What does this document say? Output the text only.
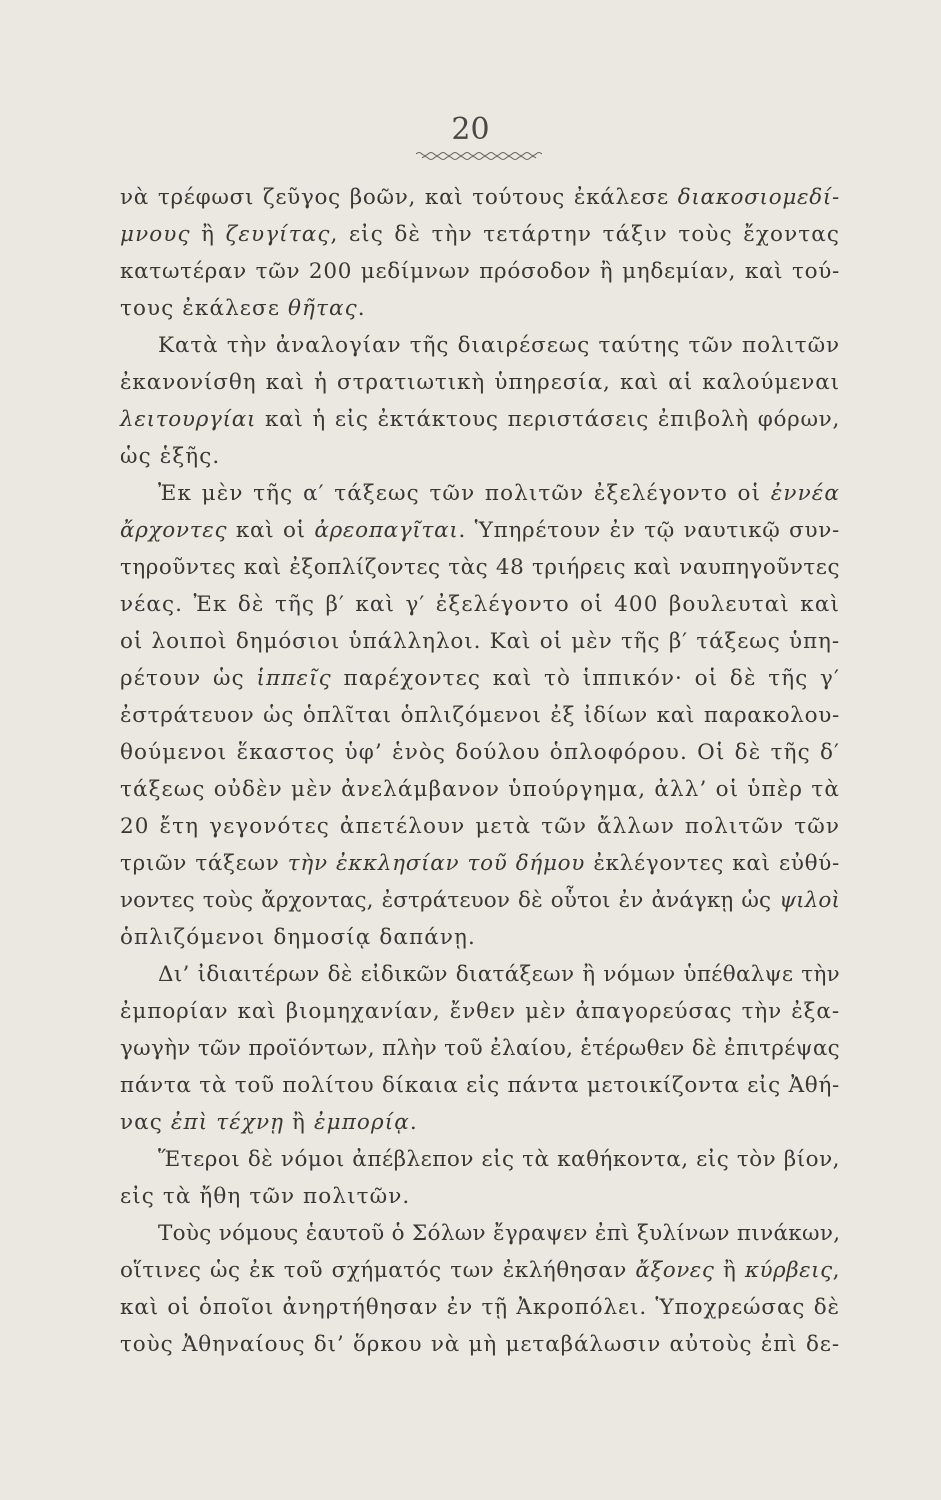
20
νὰ τρέφωσι ζεῦγος βοῶν, καὶ τούτους ἐκάλεσε διακοσιομεδί-
μνους ἢ ζευγίτας, εἰς δὲ τὴν τετάρτην τάξιν τοὺς ἔχοντας
κατωτέραν τῶν 200 μεδίμνων πρόσοδον ἢ μηδεμίαν, καὶ τού-
τους ἐκάλεσε θῆτας.
Κατὰ τὴν ἀναλογίαν τῆς διαιρέσεως ταύτης τῶν πολιτῶν
ἐκανονίσθη καὶ ἡ στρατιωτικὴ ὑπηρεσία, καὶ αἱ καλούμεναι
λειτουργίαι καὶ ἡ εἰς ἐκτάκτους περιστάσεις ἐπιβολὴ φόρων,
ὡς ἑξῆς.
Ἐκ μὲν τῆς α′ τάξεως τῶν πολιτῶν ἐξελέγοντο οἱ ἐννέα
ἄρχοντες καὶ οἱ ἀρεοπαγῖται. Ὑπηρέτουν ἐν τῷ ναυτικῷ συν-
τηροῦντες καὶ ἐξοπλίζοντες τὰς 48 τριήρεις καὶ ναυπηγοῦντες
νέας. Ἐκ δὲ τῆς β′ καὶ γ′ ἐξελέγοντο οἱ 400 βουλευταὶ καὶ
οἱ λοιποὶ δημόσιοι ὑπάλληλοι. Καὶ οἱ μὲν τῆς β′ τάξεως ὑπη-
ρέτουν ὡς ἱππεῖς παρέχοντες καὶ τὸ ἱππικόν· οἱ δὲ τῆς γ′
ἐστράτευον ὡς ὁπλῖται ὁπλιζόμενοι ἐξ ἰδίων καὶ παρακολου-
θούμενοι ἕκαστος ὑφ’ ἑνὸς δούλου ὁπλοφόρου. Οἱ δὲ τῆς δ′
τάξεως οὐδὲν μὲν ἀνελάμβανον ὑπούργημα, ἀλλ’ οἱ ὑπὲρ τὰ
20 ἔτη γεγονότες ἀπετέλουν μετὰ τῶν ἄλλων πολιτῶν τῶν
τριῶν τάξεων τὴν ἐκκλησίαν τοῦ δήμου ἐκλέγοντες καὶ εὐθύ-
νοντες τοὺς ἄρχοντας, ἐστράτευον δὲ οὗτοι ἐν ἀνάγκῃ ὡς ψιλοὶ
ὁπλιζόμενοι δημοσίᾳ δαπάνῃ.
Δι’ ἰδιαιτέρων δὲ εἰδικῶν διατάξεων ἢ νόμων ὑπέθαλψε τὴν
ἐμπορίαν καὶ βιομηχανίαν, ἔνθεν μὲν ἀπαγορεύσας τὴν ἐξα-
γωγὴν τῶν προϊόντων, πλὴν τοῦ ἐλαίου, ἑτέρωθεν δὲ ἐπιτρέψας
πάντα τὰ τοῦ πολίτου δίκαια εἰς πάντα μετοικίζοντα εἰς Ἀθή-
νας ἐπὶ τέχνῃ ἢ ἐμπορίᾳ.
Ἕτεροι δὲ νόμοι ἀπέβλεπον εἰς τὰ καθήκοντα, εἰς τὸν βίον,
εἰς τὰ ἤθη τῶν πολιτῶν.
Τοὺς νόμους ἑαυτοῦ ὁ Σόλων ἔγραψεν ἐπὶ ξυλίνων πινάκων,
οἵτινες ὡς ἐκ τοῦ σχήματός των ἐκλήθησαν ἄξονες ἢ κύρβεις,
καὶ οἱ ὁποῖοι ἀνηρτήθησαν ἐν τῇ Ἀκροπόλει. Ὑποχρεώσας δὲ
τοὺς Ἀθηναίους δι’ ὅρκου νὰ μὴ μεταβάλωσιν αὐτοὺς ἐπὶ δε-
